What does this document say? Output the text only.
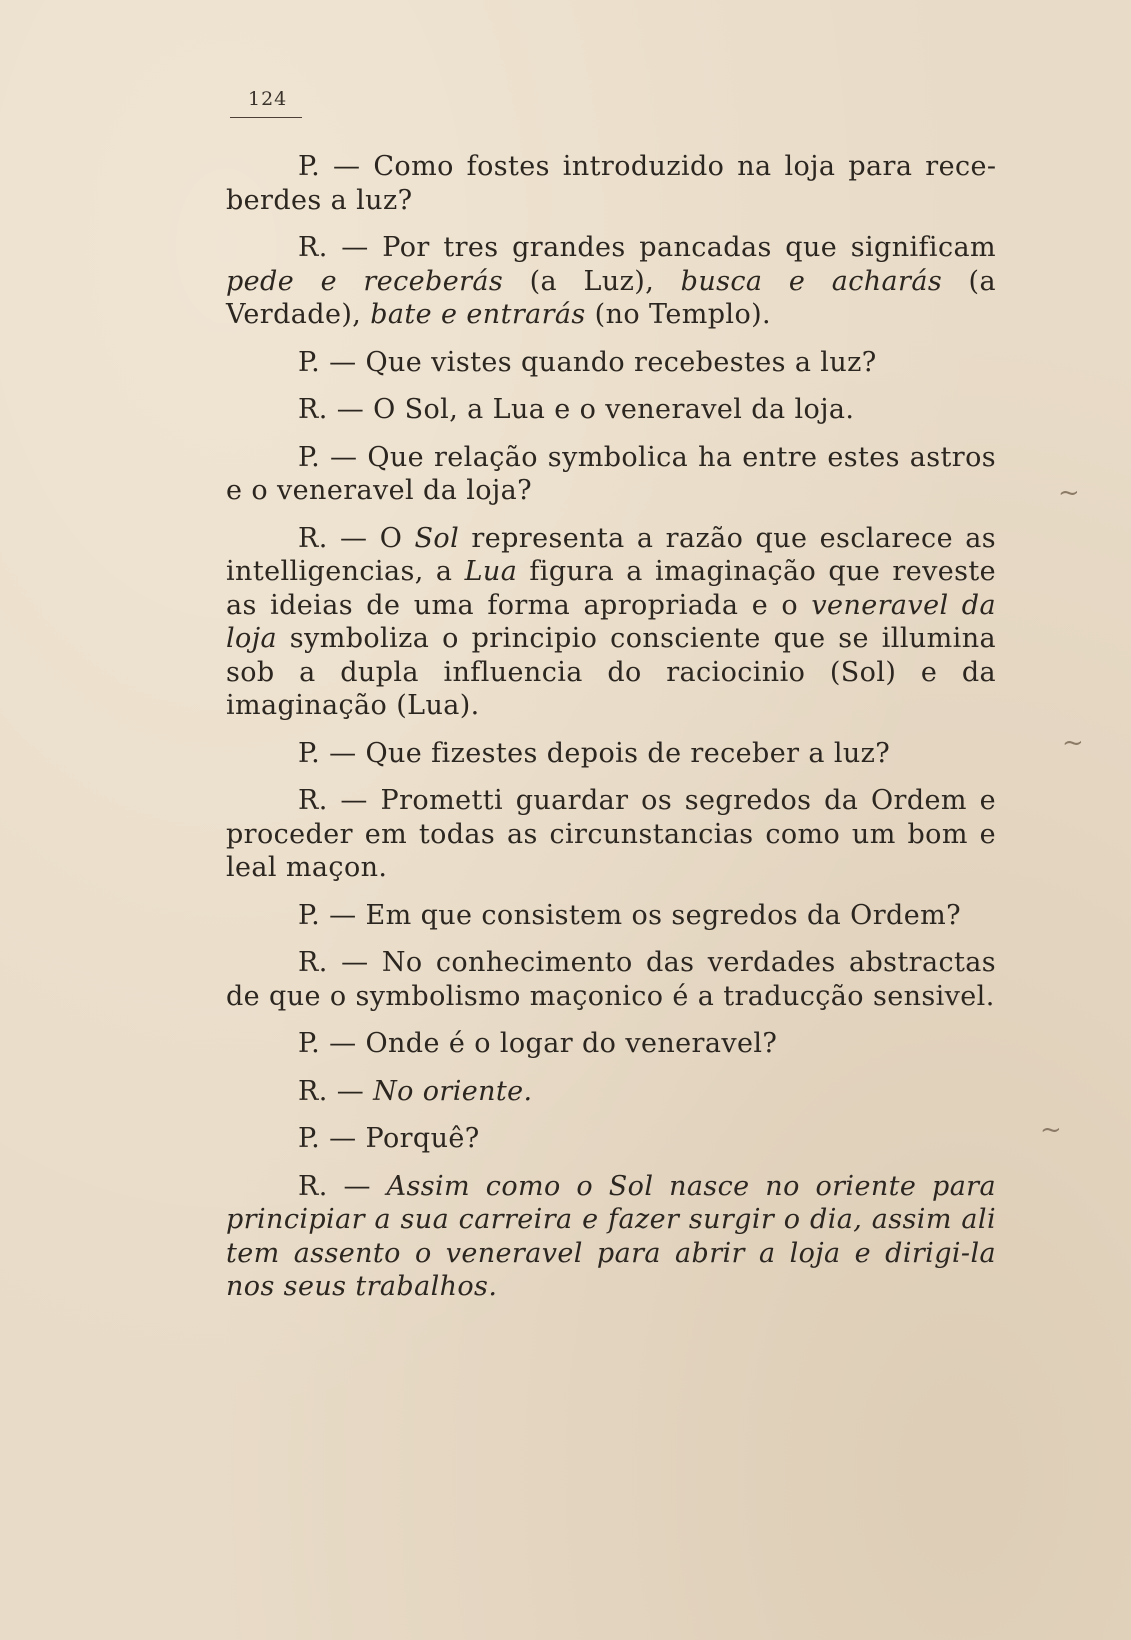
124

P. — Como fostes introduzido na loja para receberdes a luz?

R. — Por tres grandes pancadas que significam pede e receberás (a Luz), busca e acharás (a Verdade), bate e entrarás (no Templo).

P. — Que vistes quando recebestes a luz?

R. — O Sol, a Lua e o veneravel da loja.

P. — Que relação symbolica ha entre estes astros e o veneravel da loja?

R. — O Sol representa a razão que esclarece as intelligencias, a Lua figura a imaginação que reveste as ideias de uma forma apropriada e o veneravel da loja symboliza o principio consciente que se illumina sob a dupla influencia do raciocinio (Sol) e da imaginação (Lua).

P. — Que fizestes depois de receber a luz?

R. — Prometti guardar os segredos da Ordem e proceder em todas as circunstancias como um bom e leal maçon.

P. — Em que consistem os segredos da Ordem?

R. — No conhecimento das verdades abstractas de que o symbolismo maçonico é a traducção sensivel.

P. — Onde é o logar do veneravel?

R. — No oriente.

P. — Porquê?

R. — Assim como o Sol nasce no oriente para principiar a sua carreira e fazer surgir o dia, assim ali tem assento o veneravel para abrir a loja e dirigi-la nos seus trabalhos.

~
~
~
